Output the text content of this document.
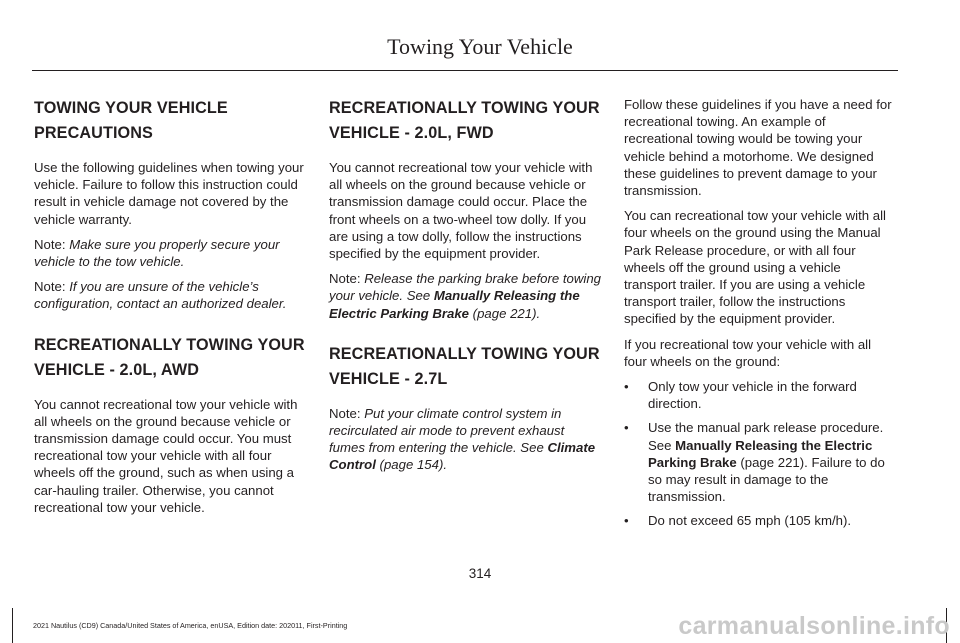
Towing Your Vehicle
TOWING YOUR VEHICLE
PRECAUTIONS

Use the following guidelines when towing your vehicle. Failure to follow this instruction could result in vehicle damage not covered by the vehicle warranty.

Note: Make sure you properly secure your vehicle to the tow vehicle.

Note: If you are unsure of the vehicle’s configuration, contact an authorized dealer.

RECREATIONALLY TOWING YOUR
VEHICLE - 2.0L, AWD

You cannot recreational tow your vehicle with all wheels on the ground because vehicle or transmission damage could occur. You must recreational tow your vehicle with all four wheels off the ground, such as when using a car-hauling trailer. Otherwise, you cannot recreational tow your vehicle.

RECREATIONALLY TOWING YOUR
VEHICLE - 2.0L, FWD

You cannot recreational tow your vehicle with all wheels on the ground because vehicle or transmission damage could occur. Place the front wheels on a two-wheel tow dolly. If you are using a tow dolly, follow the instructions specified by the equipment provider.

Note: Release the parking brake before towing your vehicle. See Manually Releasing the Electric Parking Brake (page 221).

RECREATIONALLY TOWING YOUR
VEHICLE - 2.7L

Note: Put your climate control system in recirculated air mode to prevent exhaust fumes from entering the vehicle. See Climate Control (page 154).

Follow these guidelines if you have a need for recreational towing. An example of recreational towing would be towing your vehicle behind a motorhome. We designed these guidelines to prevent damage to your transmission.

You can recreational tow your vehicle with all four wheels on the ground using the Manual Park Release procedure, or with all four wheels off the ground using a vehicle transport trailer. If you are using a vehicle transport trailer, follow the instructions specified by the equipment provider.

If you recreational tow your vehicle with all four wheels on the ground:

• Only tow your vehicle in the forward direction.
• Use the manual park release procedure. See Manually Releasing the Electric Parking Brake (page 221). Failure to do so may result in damage to the transmission.
• Do not exceed 65 mph (105 km/h).
314
2021 Nautilus (CD9) Canada/United States of America, enUSA, Edition date: 202011, First-Printing	carmanualsonline.info
